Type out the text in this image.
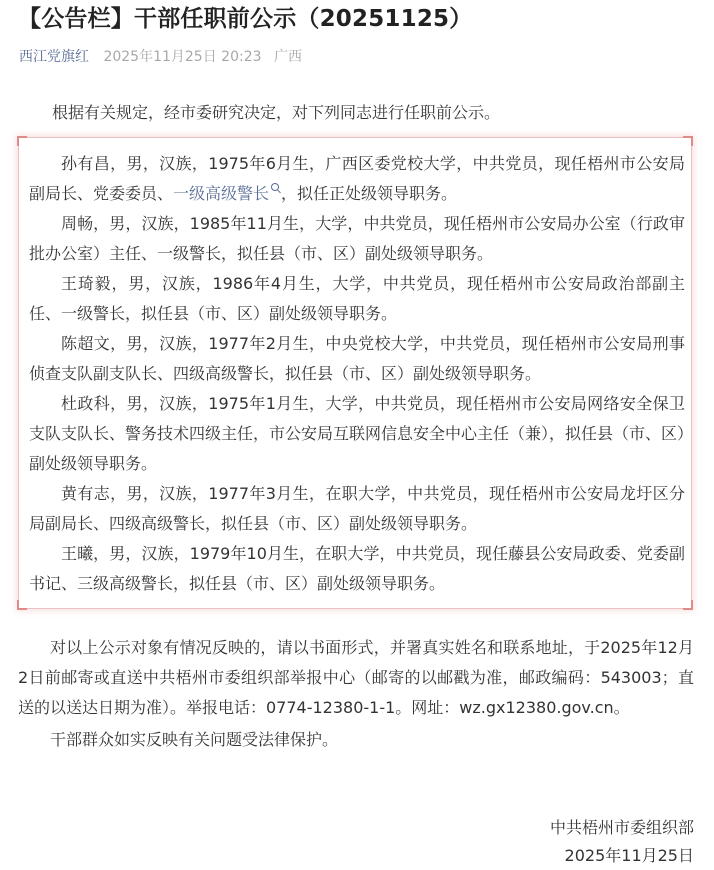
【公告栏】干部任职前公示（20251125）
西江党旗红 2025年11月25日 20:23 广西
根据有关规定，经市委研究决定，对下列同志进行任职前公示。

孙有昌，男，汉族，1975年6月生，广西区委党校大学，中共党员，现任梧州市公安局副局长、党委委员、一级高级警长 ，拟任正处级领导职务。

周畅，男，汉族，1985年11月生，大学，中共党员，现任梧州市公安局办公室（行政审批办公室）主任、一级警长，拟任县（市、区）副处级领导职务。

王琦毅，男，汉族，1986年4月生，大学，中共党员，现任梧州市公安局政治部副主任、一级警长，拟任县（市、区）副处级领导职务。

陈超文，男，汉族，1977年2月生，中央党校大学，中共党员，现任梧州市公安局刑事侦查支队副支队长、四级高级警长，拟任县（市、区）副处级领导职务。

杜政科，男，汉族，1975年1月生，大学，中共党员，现任梧州市公安局网络安全保卫支队支队长、警务技术四级主任，市公安局互联网信息安全中心主任（兼），拟任县（市、区）副处级领导职务。

黄有志，男，汉族，1977年3月生，在职大学，中共党员，现任梧州市公安局龙圩区分局副局长、四级高级警长，拟任县（市、区）副处级领导职务。

王曦，男，汉族，1979年10月生，在职大学，中共党员，现任藤县公安局政委、党委副书记、三级高级警长，拟任县（市、区）副处级领导职务。

对以上公示对象有情况反映的，请以书面形式，并署真实姓名和联系地址，于2025年12月2日前邮寄或直送中共梧州市委组织部举报中心（邮寄的以邮戳为准，邮政编码：543003；直送的以送达日期为准）。举报电话：0774-12380-1-1。网址：wz.gx12380.gov.cn。

干部群众如实反映有关问题受法律保护。

中共梧州市委组织部
2025年11月25日
